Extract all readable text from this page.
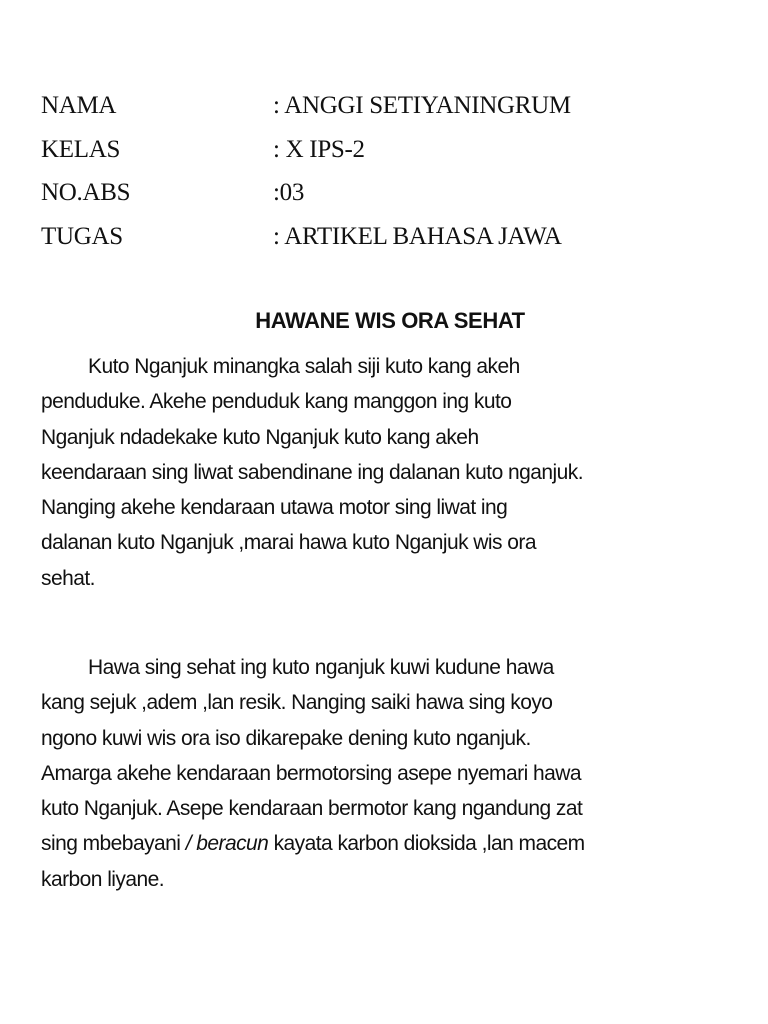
NAMA	: ANGGI SETIYANINGRUM
KELAS	: X IPS-2
NO.ABS	:03
TUGAS	: ARTIKEL BAHASA JAWA
HAWANE WIS ORA SEHAT
Kuto Nganjuk minangka salah siji kuto kang akeh
penduduke. Akehe penduduk kang manggon ing kuto
Nganjuk ndadekake kuto Nganjuk kuto kang akeh
keendaraan sing liwat sabendinane ing dalanan kuto nganjuk.
Nanging akehe kendaraan utawa motor sing liwat ing
dalanan kuto Nganjuk ,marai hawa kuto Nganjuk wis ora
sehat.
Hawa sing sehat ing kuto nganjuk kuwi kudune hawa
kang sejuk ,adem ,lan resik. Nanging saiki hawa sing koyo
ngono kuwi wis ora iso dikarepake dening kuto nganjuk.
Amarga akehe kendaraan bermotorsing asepe nyemari hawa
kuto Nganjuk. Asepe kendaraan bermotor kang ngandung zat
sing mbebayani / beracun kayata karbon dioksida ,lan macem
karbon liyane.
